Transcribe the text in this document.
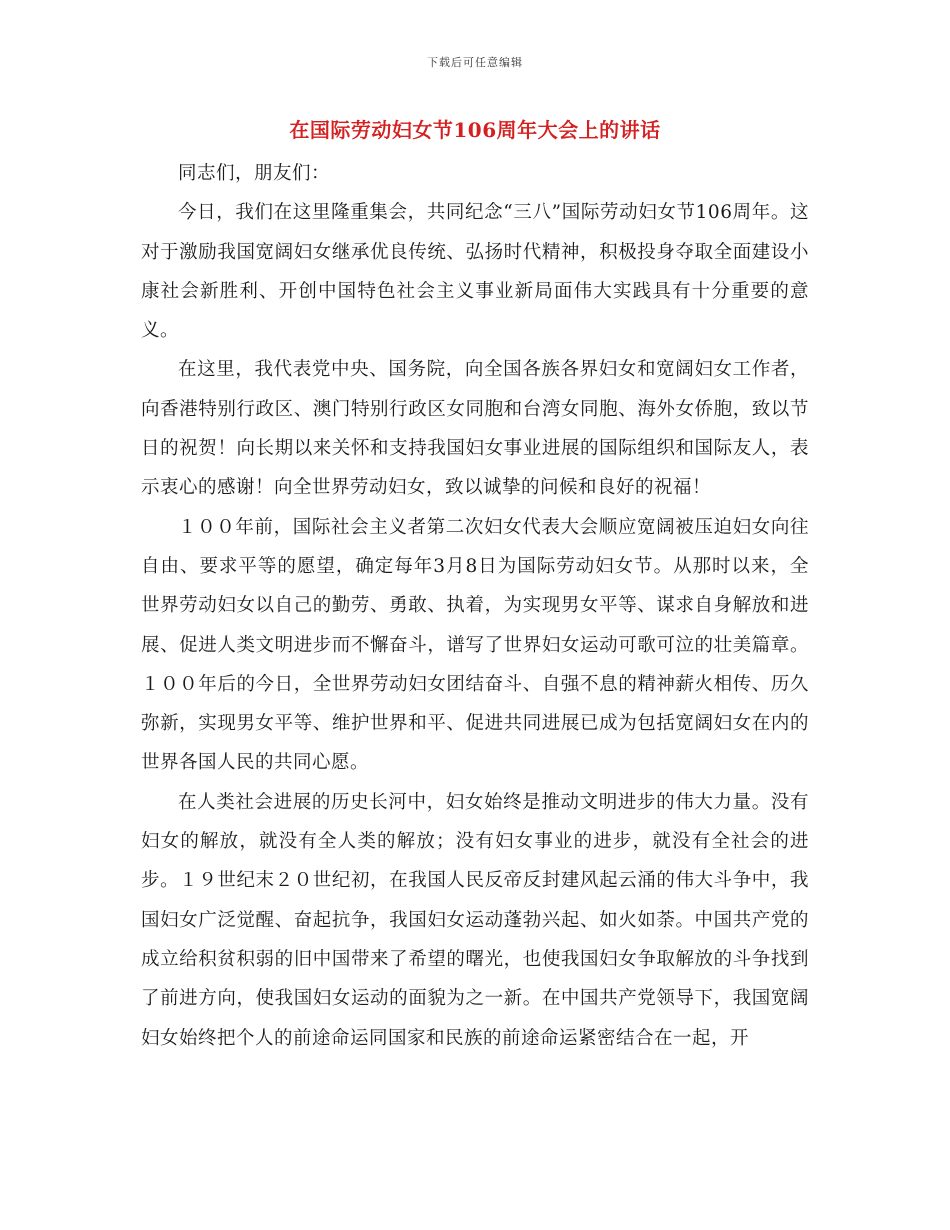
下载后可任意编辑
在国际劳动妇女节106周年大会上的讲话

同志们，朋友们：

今日，我们在这里隆重集会，共同纪念“三八”国际劳动妇女节106周年。这对于激励我国宽阔妇女继承优良传统、弘扬时代精神，积极投身夺取全面建设小康社会新胜利、开创中国特色社会主义事业新局面伟大实践具有十分重要的意义。

在这里，我代表党中央、国务院，向全国各族各界妇女和宽阔妇女工作者，向香港特别行政区、澳门特别行政区女同胞和台湾女同胞、海外女侨胞，致以节日的祝贺！向长期以来关怀和支持我国妇女事业进展的国际组织和国际友人，表示衷心的感谢！向全世界劳动妇女，致以诚挚的问候和良好的祝福！

１００年前，国际社会主义者第二次妇女代表大会顺应宽阔被压迫妇女向往自由、要求平等的愿望，确定每年3月8日为国际劳动妇女节。从那时以来，全世界劳动妇女以自己的勤劳、勇敢、执着，为实现男女平等、谋求自身解放和进展、促进人类文明进步而不懈奋斗，谱写了世界妇女运动可歌可泣的壮美篇章。１００年后的今日，全世界劳动妇女团结奋斗、自强不息的精神薪火相传、历久弥新，实现男女平等、维护世界和平、促进共同进展已成为包括宽阔妇女在内的世界各国人民的共同心愿。

在人类社会进展的历史长河中，妇女始终是推动文明进步的伟大力量。没有妇女的解放，就没有全人类的解放；没有妇女事业的进步，就没有全社会的进步。１９世纪末２０世纪初，在我国人民反帝反封建风起云涌的伟大斗争中，我国妇女广泛觉醒、奋起抗争，我国妇女运动蓬勃兴起、如火如荼。中国共产党的成立给积贫积弱的旧中国带来了希望的曙光，也使我国妇女争取解放的斗争找到了前进方向，使我国妇女运动的面貌为之一新。在中国共产党领导下，我国宽阔妇女始终把个人的前途命运同国家和民族的前途命运紧密结合在一起，开
